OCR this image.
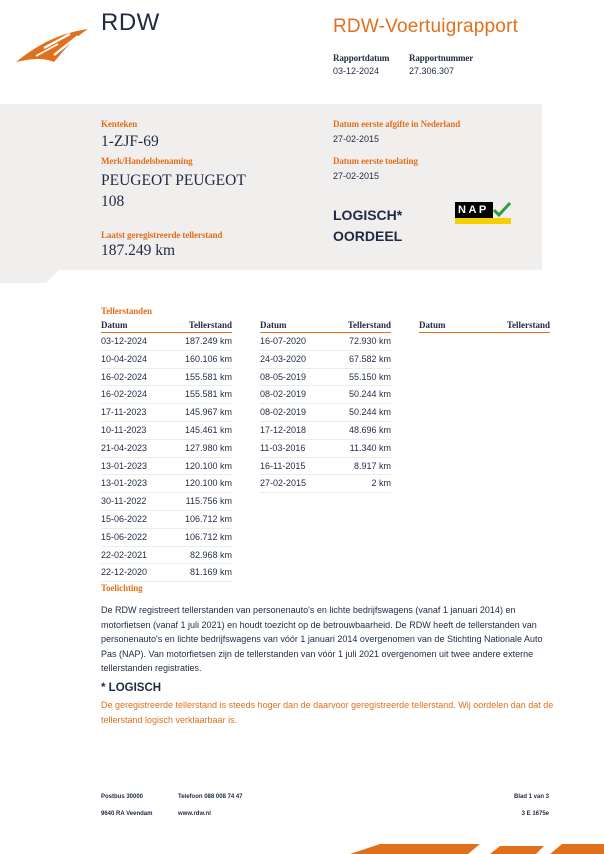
RDW	RDW-Voertuigrapport
Rapportdatum Rapportnummer
03-12-2024	27.306.307
Kenteken
1-ZJF-69
Merk/Handelsbenaming
PEUGEOT PEUGEOT
108
Laatst geregistreerde tellerstand
187.249 km
Datum eerste afgifte in Nederland
27-02-2015
Datum eerste toelating
27-02-2015
LOGISCH*
OORDEEL
NAP
Tellerstanden
Datum	Tellerstand
03-12-2024	187.249 km
10-04-2024	160.106 km
16-02-2024	155.581 km
16-02-2024	155.581 km
17-11-2023	145.967 km
10-11-2023	145.461 km
21-04-2023	127.980 km
13-01-2023	120.100 km
13-01-2023	120.100 km
30-11-2022	115.756 km
15-06-2022	106.712 km
15-06-2022	106.712 km
22-02-2021	82.968 km
22-12-2020	81.169 km
Datum	Tellerstand
16-07-2020	72.930 km
24-03-2020	67.582 km
08-05-2019	55.150 km
08-02-2019	50.244 km
08-02-2019	50.244 km
17-12-2018	48.696 km
11-03-2016	11.340 km
16-11-2015	8.917 km
27-02-2015	2 km
Datum	Tellerstand
Toelichting
De RDW registreert tellerstanden van personenauto's en lichte bedrijfswagens (vanaf 1 januari 2014) en motorfietsen (vanaf 1 juli 2021) en houdt toezicht op de betrouwbaarheid. De RDW heeft de tellerstanden van personenauto's en lichte bedrijfswagens van vóór 1 januari 2014 overgenomen van de Stichting Nationale Auto Pas (NAP). Van motorfietsen zijn de tellerstanden van vóór 1 juli 2021 overgenomen uit twee andere externe tellerstanden registraties.
* LOGISCH
De geregistreerde tellerstand is steeds hoger dan de daarvoor geregistreerde tellerstand. Wij oordelen dan dat de tellerstand logisch verklaarbaar is.
Postbus 30000
9640 RA Veendam
Telefoon 088 008 74 47
www.rdw.nl
Blad 1 van 3
3 E 1675e
